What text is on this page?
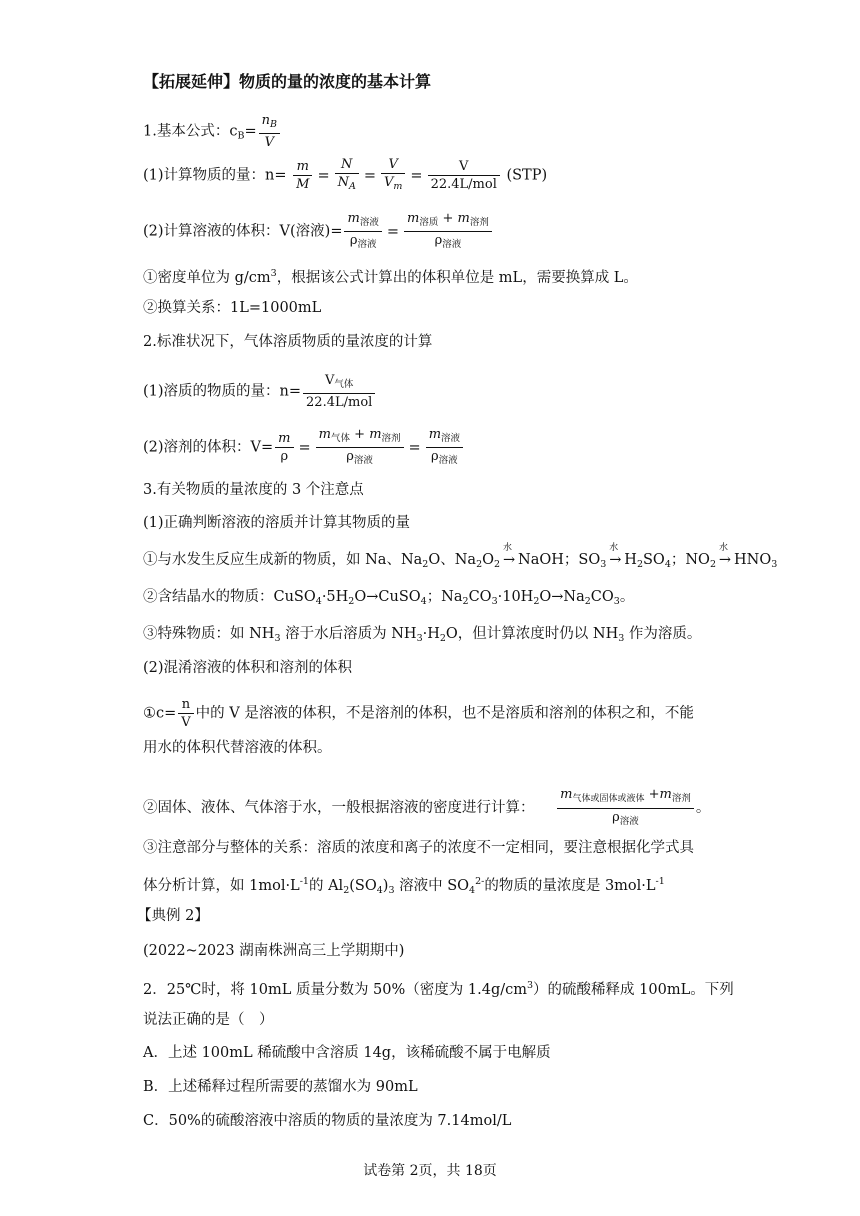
【拓展延伸】物质的量的浓度的基本计算
1.基本公式：$c_B= \frac{n_B}{V}$
(1)计算物质的量：$n= \frac{m}{M} = \frac{N}{N_A} = \frac{V}{V_m} = \frac{V}{\text{22.4L/mol}} (STP)$
(2)计算溶液的体积：V(溶液)= $\frac{m_{溶液}}{\rho_{溶液}} = \frac{m_{溶质} + m_{溶剂}}{\rho_{溶液}}$
①密度单位为 $g/cm^3$，根据该公式计算出的体积单位是 mL，需要换算成 L。
②换算关系：1L=1000mL
2.标准状况下，气体溶质物质的量浓度的计算
(1)溶质的物质的量：$n= \frac{V_{气体}}{\text{22.4L/mol}}$
(2)溶剂的体积：$V= \frac{m}{\rho} = \frac{m_{气体} + m_{溶剂}}{\rho_{溶液}} = \frac{m_{溶液}}{\rho_{溶液}}$
3.有关物质的量浓度的 3 个注意点
(1)正确判断溶液的溶质并计算其物质的量
①与水发生反应生成新的物质，如 Na、$Na_2O$、$Na_2O_2$
水
→ NaOH；$SO_3$
水
→ $H_2SO_4$；$NO_2$
水
→ $HNO_3$
②含结晶水的物质：$CuSO_4\cdot 5H_2O\to CuSO_4$；$Na_2CO_3\cdot 10H_2O\to Na_2CO_3$。
③特殊物质：如 $NH_3$ 溶于水后溶质为 $NH_3\cdot H_2O$，但计算浓度时仍以 $NH_3$ 作为溶质。
(2)混淆溶液的体积和溶剂的体积
①c= $\frac{n}{V}$ 中的 V 是溶液的体积，不是溶剂的体积，也不是溶质和溶剂的体积之和，不能
用水的体积代替溶液的体积。
②固体、液体、气体溶于水，一般根据溶液的密度进行计算： $\frac{m_{气体或固体或液体} +m_{溶剂}}{\rho_{溶液}}$ 。
③注意部分与整体的关系：溶质的浓度和离子的浓度不一定相同，要注意根据化学式具
体分析计算，如 $1mol\cdot L^{-1}$的 $Al_2(SO_4)_3$ 溶液中 $SO_4^{2-}$的物质的量浓度是 $3mol\cdot L^{-1}$
【典例 2】
(2022~2023 湖南株洲高三上学期期中)
2．25℃时，将 10mL 质量分数为 50%（密度为 $1.4g/cm^3$）的硫酸稀释成 100mL。下列
说法正确的是（　）
A．上述 100mL 稀硫酸中含溶质 14g，该稀硫酸不属于电解质
B．上述稀释过程所需要的蒸馏水为 90mL
C．50%的硫酸溶液中溶质的物质的量浓度为 7.14mol/L
试卷第 2页，共 18页
